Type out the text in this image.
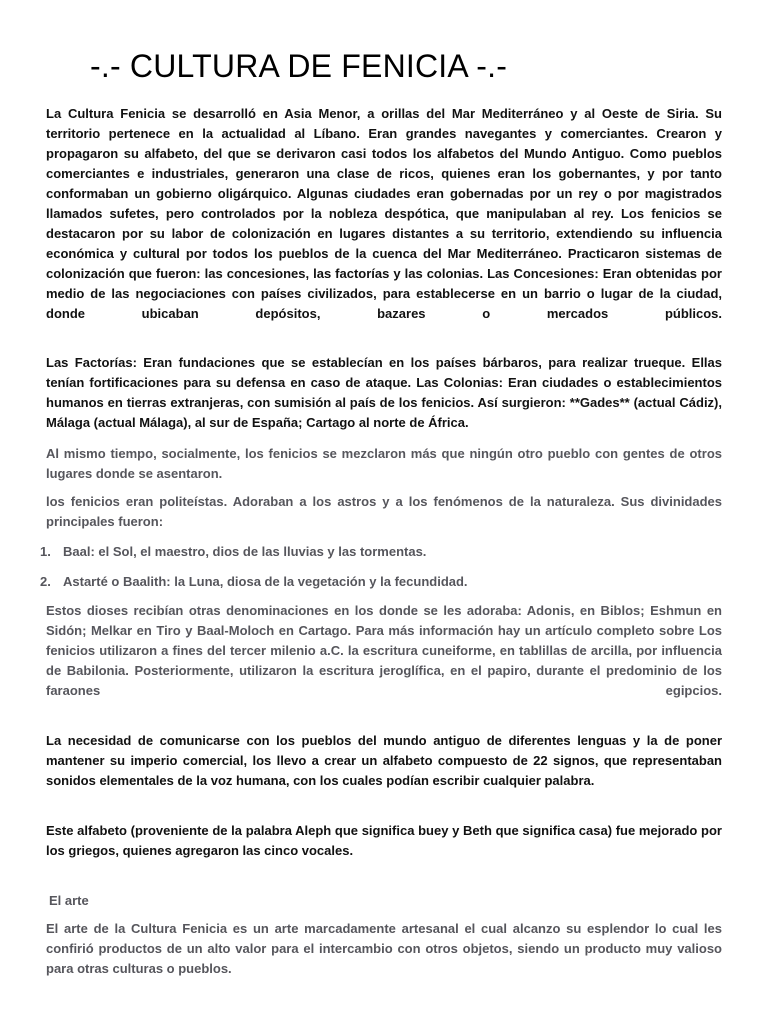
-.- CULTURA DE FENICIA -.-

La Cultura Fenicia se desarrolló en Asia Menor, a orillas del Mar Mediterráneo y al Oeste de Siria. Su territorio pertenece en la actualidad al Líbano. Eran grandes navegantes y comerciantes. Crearon y propagaron su alfabeto, del que se derivaron casi todos los alfabetos del Mundo Antiguo. Como pueblos comerciantes e industriales, generaron una clase de ricos, quienes eran los gobernantes, y por tanto conformaban un gobierno oligárquico. Algunas ciudades eran gobernadas por un rey o por magistrados llamados sufetes, pero controlados por la nobleza despótica, que manipulaban al rey. Los fenicios se destacaron por su labor de colonización en lugares distantes a su territorio, extendiendo su influencia económica y cultural por todos los pueblos de la cuenca del Mar Mediterráneo. Practicaron sistemas de colonización que fueron: las concesiones, las factorías y las colonias. Las Concesiones: Eran obtenidas por medio de las negociaciones con países civilizados, para establecerse en un barrio o lugar de la ciudad, donde ubicaban depósitos, bazares o mercados públicos.

Las Factorías: Eran fundaciones que se establecían en los países bárbaros, para realizar trueque. Ellas tenían fortificaciones para su defensa en caso de ataque. Las Colonias: Eran ciudades o establecimientos humanos en tierras extranjeras, con sumisión al país de los fenicios. Así surgieron: **Gades** (actual Cádiz), Málaga (actual Málaga), al sur de España; Cartago al norte de África.

Al mismo tiempo, socialmente, los fenicios se mezclaron más que ningún otro pueblo con gentes de otros lugares donde se asentaron.

los fenicios eran politeístas. Adoraban a los astros y a los fenómenos de la naturaleza. Sus divinidades principales fueron:

1. Baal: el Sol, el maestro, dios de las lluvias y las tormentas.
2. Astarté o Baalith: la Luna, diosa de la vegetación y la fecundidad.

Estos dioses recibían otras denominaciones en los donde se les adoraba: Adonis, en Biblos; Eshmun en Sidón; Melkar en Tiro y Baal-Moloch en Cartago. Para más información hay un artículo completo sobre Los fenicios utilizaron a fines del tercer milenio a.C. la escritura cuneiforme, en tablillas de arcilla, por influencia de Babilonia. Posteriormente, utilizaron la escritura jeroglífica, en el papiro, durante el predominio de los faraones egipcios.

La necesidad de comunicarse con los pueblos del mundo antiguo de diferentes lenguas y la de poner mantener su imperio comercial, los llevo a crear un alfabeto compuesto de 22 signos, que representaban sonidos elementales de la voz humana, con los cuales podían escribir cualquier palabra.

Este alfabeto (proveniente de la palabra Aleph que significa buey y Beth que significa casa) fue mejorado por los griegos, quienes agregaron las cinco vocales.

El arte

El arte de la Cultura Fenicia es un arte marcadamente artesanal el cual alcanzo su esplendor lo cual les confirió productos de un alto valor para el intercambio con otros objetos, siendo un producto muy valioso para otras culturas o pueblos.
